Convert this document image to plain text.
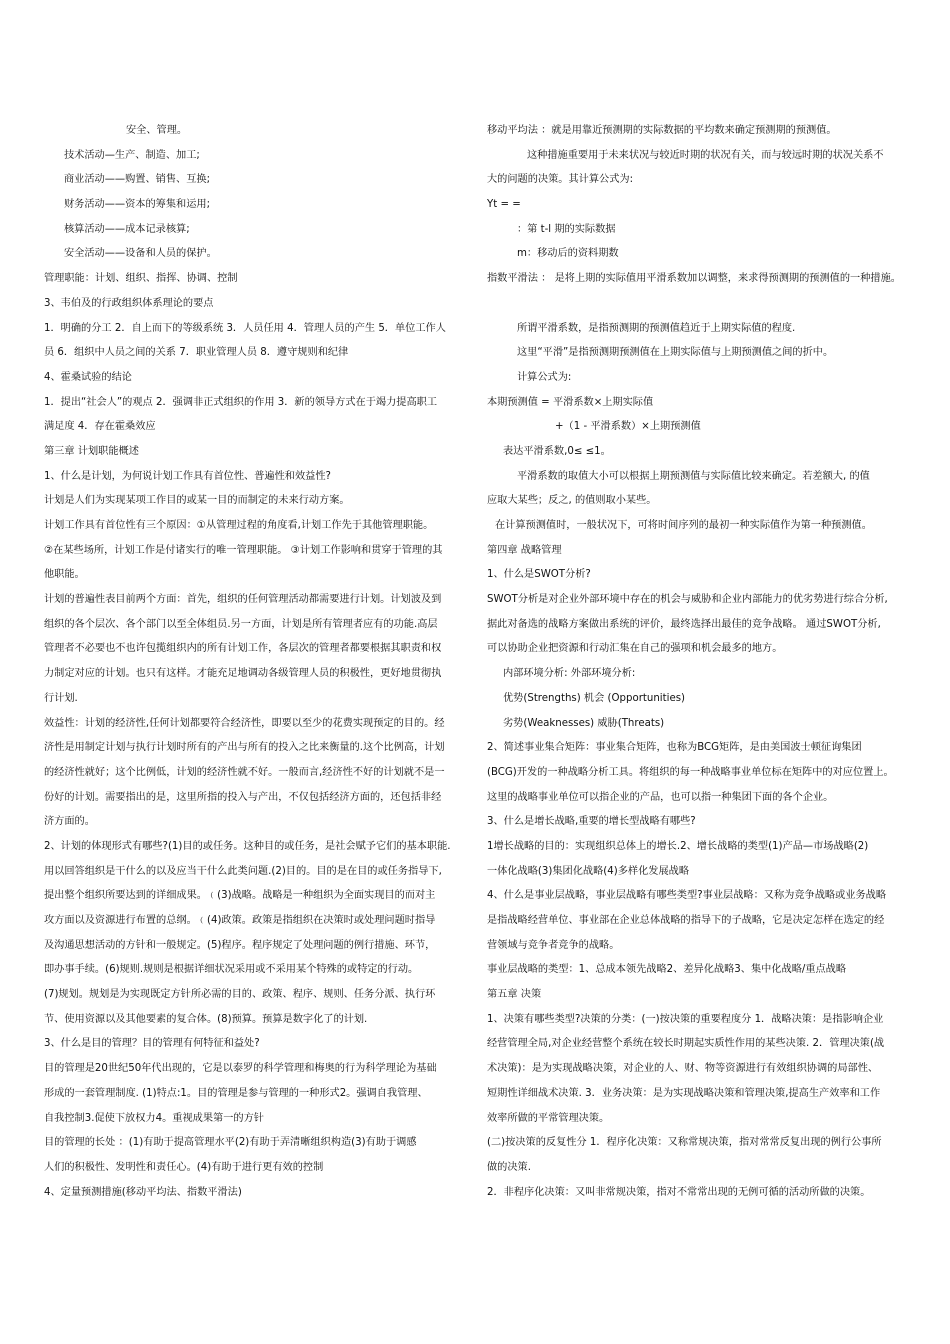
安全、管理。
技术活动—生产、制造、加工;
商业活动——购置、销售、互换;
财务活动——资本的筹集和运用;
核算活动——成本记录核算;
安全活动——设备和人员的保护。
管理职能：计划、组织、指挥、协调、控制
3、韦伯及的行政组织体系理论的要点
1．明确的分工 2．自上而下的等级系统 3．人员任用 4．管理人员的产生 5．单位工作人
员 6．组织中人员之间的关系 7．职业管理人员 8．遵守规则和纪律
4、霍桑试验的结论
1．提出“社会人”的观点 2．强调非正式组织的作用 3．新的领导方式在于竭力提高职工
满足度 4．存在霍桑效应
第三章 计划职能概述
1、什么是计划，为何说计划工作具有首位性、普遍性和效益性?
计划是人们为实现某项工作目的或某一目的而制定的未来行动方案。
计划工作具有首位性有三个原因：①从管理过程的角度看,计划工作先于其他管理职能。
②在某些场所，计划工作是付诸实行的唯一管理职能。 ③计划工作影响和贯穿于管理的其
他职能。
计划的普遍性表目前两个方面：首先，组织的任何管理活动都需要进行计划。计划波及到
组织的各个层次、各个部门以至全体组员.另一方面，计划是所有管理者应有的功能.高层
管理者不必要也不也许包揽组织内的所有计划工作，各层次的管理者都要根据其职责和权
力制定对应的计划。也只有这样。才能充足地调动各级管理人员的积极性，更好地贯彻执
行计划.
效益性：计划的经济性,任何计划都要符合经济性，即要以至少的花费实现预定的目的。经
济性是用制定计划与执行计划时所有的产出与所有的投入之比来衡量的.这个比例高，计划
的经济性就好；这个比例低，计划的经济性就不好。一般而言,经济性不好的计划就不是一
份好的计划。需要指出的是，这里所指的投入与产出，不仅包括经济方面的，还包括非经
济方面的。
2、计划的体现形式有哪些?(1)目的或任务。这种目的或任务，是社会赋予它们的基本职能.
用以回答组织是干什么的以及应当干什么此类问题.(2)目的。目的是在目的或任务指导下,
提出整个组织所要达到的详细成果。﹙(3)战略。战略是一种组织为全面实现目的而对主
攻方面以及资源进行布置的总纲。﹙(4)政策。政策是指组织在决策时或处理问题时指导
及沟通思想活动的方针和一般规定。(5)程序。程序规定了处理问题的例行措施、环节，
即办事手续。(6)规则.规则是根据详细状况采用或不采用某个特殊的或特定的行动。
(7)规划。规划是为实现既定方针所必需的目的、政策、程序、规则、任务分派、执行环
节、使用资源以及其他要素的复合体。(8)预算。预算是数字化了的计划.
3、什么是目的管理？目的管理有何特征和益处?
目的管理是20世纪50年代出现的，它是以泰罗的科学管理和梅奥的行为科学理论为基础
形成的一套管理制度. (1)特点:1。目的管理是参与管理的一种形式2。强调自我管理、
自我控制3.促使下放权力4。重视成果第一的方针
目的管理的长处 ：(1)有助于提高管理水平(2)有助于弄清晰组织构造(3)有助于调感
人们的积极性、发明性和责任心。(4)有助于进行更有效的控制
4、定量预测措施(移动平均法、指数平滑法)
移动平均法 ：就是用靠近预测期的实际数据的平均数来确定预测期的预测值。
这种措施重要用于未来状况与较近时期的状况有关，而与较远时期的状况关系不
大的问题的决策。其计算公式为:
Yt = =
：第 t-l 期的实际数据
m：移动后的资料期数
指数平滑法 ： 是将上期的实际值用平滑系数加以调整，来求得预测期的预测值的一种措施。
所谓平滑系数，是指预测期的预测值趋近于上期实际值的程度.
这里“平滑”是指预测期预测值在上期实际值与上期预测值之间的折中。
计算公式为:
本期预测值 = 平滑系数×上期实际值
+（1 - 平滑系数）×上期预测值
表达平滑系数,0≤ ≤1。
平滑系数的取值大小可以根据上期预测值与实际值比较来确定。若差额大, 的值
应取大某些；反之, 的值则取小某些。
在计算预测值时，一般状况下，可将时间序列的最初一种实际值作为第一种预测值。
第四章 战略管理
1、什么是SWOT分析?
SWOT分析是对企业外部环境中存在的机会与威胁和企业内部能力的优劣势进行综合分析,
据此对备选的战略方案做出系统的评价，最终选择出最佳的竞争战略。 通过SWOT分析,
可以协助企业把资源和行动汇集在自己的强项和机会最多的地方。
内部环境分析: 外部环境分析:
优势(Strengths) 机会 (Opportunities)
劣势(Weaknesses) 威胁(Threats)
2、简述事业集合矩阵：事业集合矩阵，也称为BCG矩阵，是由美国波士顿征询集团
(BCG)开发的一种战略分析工具。将组织的每一种战略事业单位标在矩阵中的对应位置上。
这里的战略事业单位可以指企业的产品，也可以指一种集团下面的各个企业。
3、什么是增长战略,重要的增长型战略有哪些?
1增长战略的目的：实现组织总体上的增长.2、增长战略的类型(1)产品—市场战略(2)
一体化战略(3)集团化战略(4)多样化发展战略
4、什么是事业层战略，事业层战略有哪些类型?事业层战略：又称为竞争战略或业务战略
是指战略经营单位、事业部在企业总体战略的指导下的子战略，它是决定怎样在选定的经
营领域与竞争者竞争的战略。
事业层战略的类型：1、总成本领先战略2、差异化战略3、集中化战略/重点战略
第五章 决策
1、决策有哪些类型?决策的分类：(一)按决策的重要程度分 1．战略决策：是指影响企业
经营管理全局,对企业经营整个系统在较长时期起实质性作用的某些决策. 2．管理决策(战
术决策)：是为实现战略决策，对企业的人、财、物等资源进行有效组织协调的局部性、
短期性详细战术决策. 3．业务决策：是为实现战略决策和管理决策,提高生产效率和工作
效率所做的平常管理决策。
(二)按决策的反复性分 1．程序化决策：又称常规决策，指对常常反复出现的例行公事所
做的决策.
2．非程序化决策：又叫非常规决策，指对不常常出现的无例可循的活动所做的决策。
